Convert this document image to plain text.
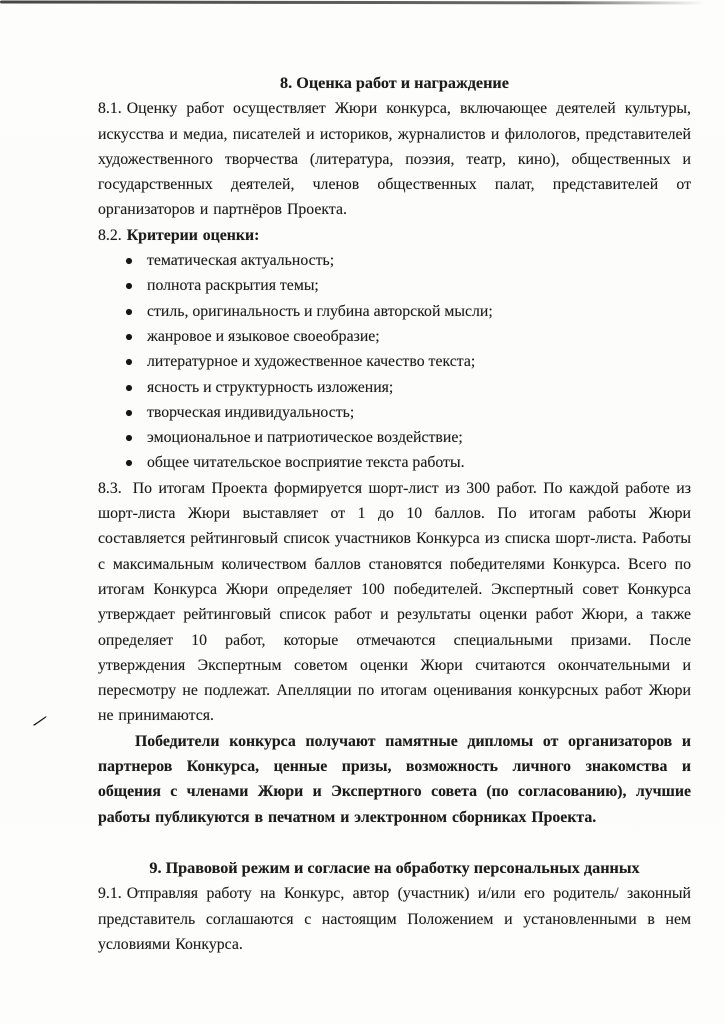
8. Оценка работ и награждение

8.1. Оценку работ осуществляет Жюри конкурса, включающее деятелей культуры, искусства и медиа, писателей и историков, журналистов и филологов, представителей художественного творчества (литература, поэзия, театр, кино), общественных и государственных деятелей, членов общественных палат, представителей от организаторов и партнёров Проекта.

8.2. Критерии оценки:

тематическая актуальность;
полнота раскрытия темы;
стиль, оригинальность и глубина авторской мысли;
жанровое и языковое своеобразие;
литературное и художественное качество текста;
ясность и структурность изложения;
творческая индивидуальность;
эмоциональное и патриотическое воздействие;
общее читательское восприятие текста работы.

8.3. По итогам Проекта формируется шорт-лист из 300 работ. По каждой работе из шорт-листа Жюри выставляет от 1 до 10 баллов. По итогам работы Жюри составляется рейтинговый список участников Конкурса из списка шорт-листа. Работы с максимальным количеством баллов становятся победителями Конкурса. Всего по итогам Конкурса Жюри определяет 100 победителей. Экспертный совет Конкурса утверждает рейтинговый список работ и результаты оценки работ Жюри, а также определяет 10 работ, которые отмечаются специальными призами. После утверждения Экспертным советом оценки Жюри считаются окончательными и пересмотру не подлежат. Апелляции по итогам оценивания конкурсных работ Жюри не принимаются.

Победители конкурса получают памятные дипломы от организаторов и партнеров Конкурса, ценные призы, возможность личного знакомства и общения с членами Жюри и Экспертного совета (по согласованию), лучшие работы публикуются в печатном и электронном сборниках Проекта.

9. Правовой режим и согласие на обработку персональных данных

9.1. Отправляя работу на Конкурс, автор (участник) и/или его родитель/ законный представитель соглашаются с настоящим Положением и установленными в нем условиями Конкурса.
